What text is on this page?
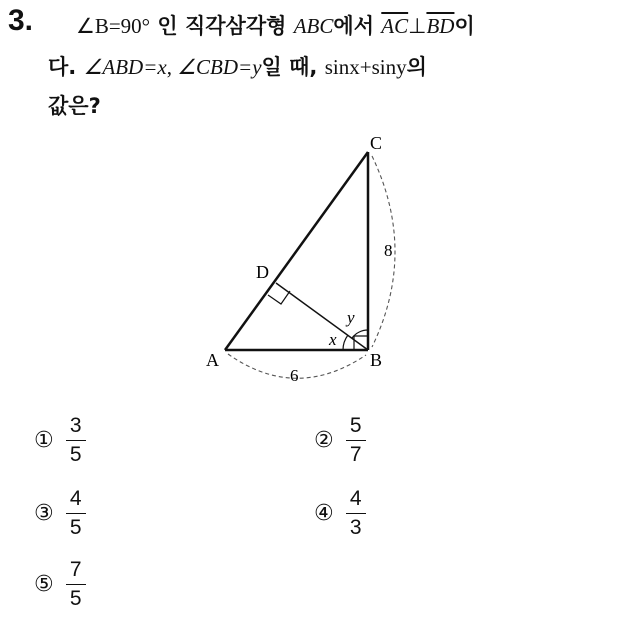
3. ∠B=90° 인 직각삼각형 ABC에서 $\overline{AC}\perp\overline{BD}$이
다. ∠ABD=x, ∠CBD=y일 때, sinx+siny의
값은?
C
D
A	B
x
y
6
8
① $\frac{3}{5}$	② $\frac{5}{7}$
③ $\frac{4}{5}$	④ $\frac{4}{3}$
⑤ $\frac{7}{5}$
